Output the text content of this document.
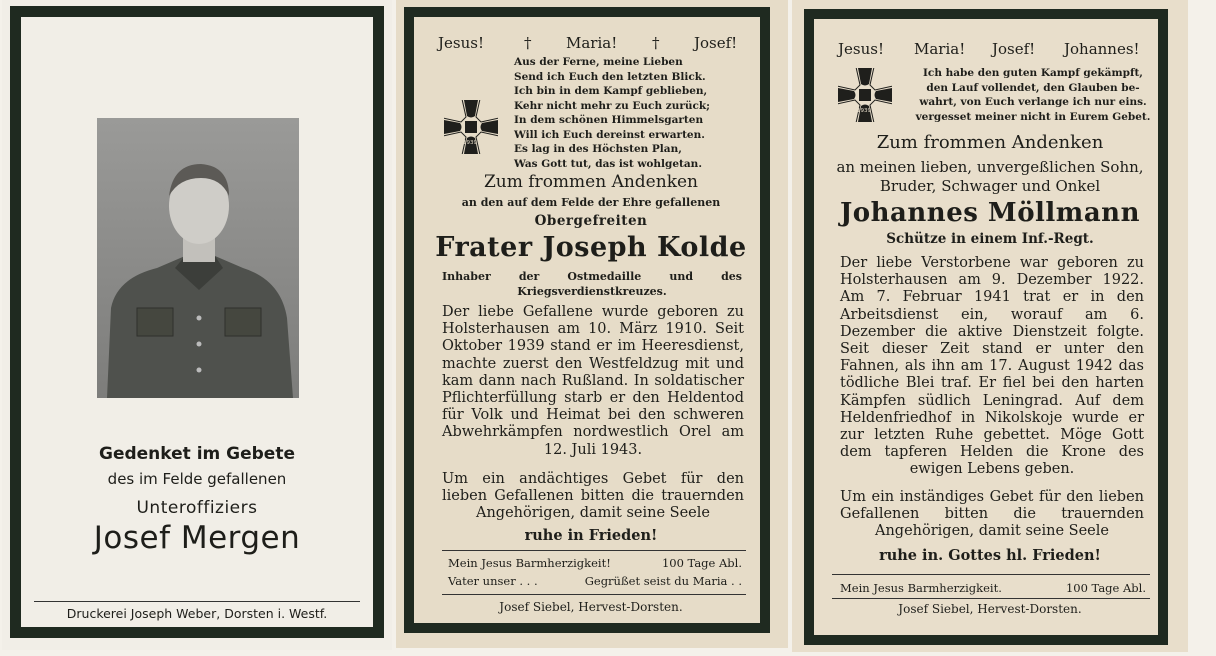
Gedenket im Gebete
des im Felde gefallenen
Unteroffiziers
Josef Mergen
Druckerei Joseph Weber, Dorsten i. Westf.
Jesus!	† Maria! † Josef!
Aus der Ferne, meine Lieben
Send ich Euch den letzten Blick.
Ich bin in dem Kampf geblieben,
Kehr nicht mehr zu Euch zurück;
In dem schönen Himmelsgarten
Will ich Euch dereinst erwarten.
Es lag in des Höchsten Plan,
Was Gott tut, das ist wohlgetan.
1939
Zum frommen Andenken
an den auf dem Felde der Ehre gefallenen
Obergefreiten
Frater Joseph Kolde
Inhaber der Ostmedaille und des Kriegsverdienstkreuzes.
Der liebe Gefallene wurde geboren zu Holsterhausen am 10. März 1910. Seit Oktober 1939 stand er im Heeresdienst, machte zuerst den Westfeldzug mit und kam dann nach Rußland. In soldatischer Pflichterfüllung starb er den Heldentod für Volk und Heimat bei den schweren Abwehrkämpfen nordwestlich Orel am 12. Juli 1943.
Um ein andächtiges Gebet für den lieben Gefallenen bitten die trauernden Angehörigen, damit seine Seele
ruhe in Frieden!
Mein Jesus Barmherzigkeit!	100 Tage Abl.
Vater unser . . .	Gegrüßet seist du Maria . .
Josef Siebel, Hervest-Dorsten.
Jesus! Maria! Josef! Johannes!
Ich habe den guten Kampf gekämpft,
den Lauf vollendet, den Glauben be-
wahrt, von Euch verlange ich nur eins.
vergesset meiner nicht in Eurem Gebet.
1939
Zum frommen Andenken
an meinen lieben, unvergeßlichen Sohn,
Bruder, Schwager und Onkel
Johannes Möllmann
Schütze in einem Inf.-Regt.
Der liebe Verstorbene war geboren zu Holsterhausen am 9. Dezember 1922. Am 7. Februar 1941 trat er in den Arbeitsdienst ein, worauf am 6. Dezember die aktive Dienstzeit folgte. Seit dieser Zeit stand er unter den Fahnen, als ihn am 17. August 1942 das tödliche Blei traf. Er fiel bei den harten Kämpfen südlich Leningrad. Auf dem Heldenfriedhof in Nikolskoje wurde er zur letzten Ruhe gebettet. Möge Gott dem tapferen Helden die Krone des ewigen Lebens geben.
Um ein inständiges Gebet für den lieben Gefallenen bitten die trauernden Angehörigen, damit seine Seele
ruhe in. Gottes hl. Frieden!
Mein Jesus Barmherzigkeit.	100 Tage Abl.
Josef Siebel, Hervest-Dorsten.
